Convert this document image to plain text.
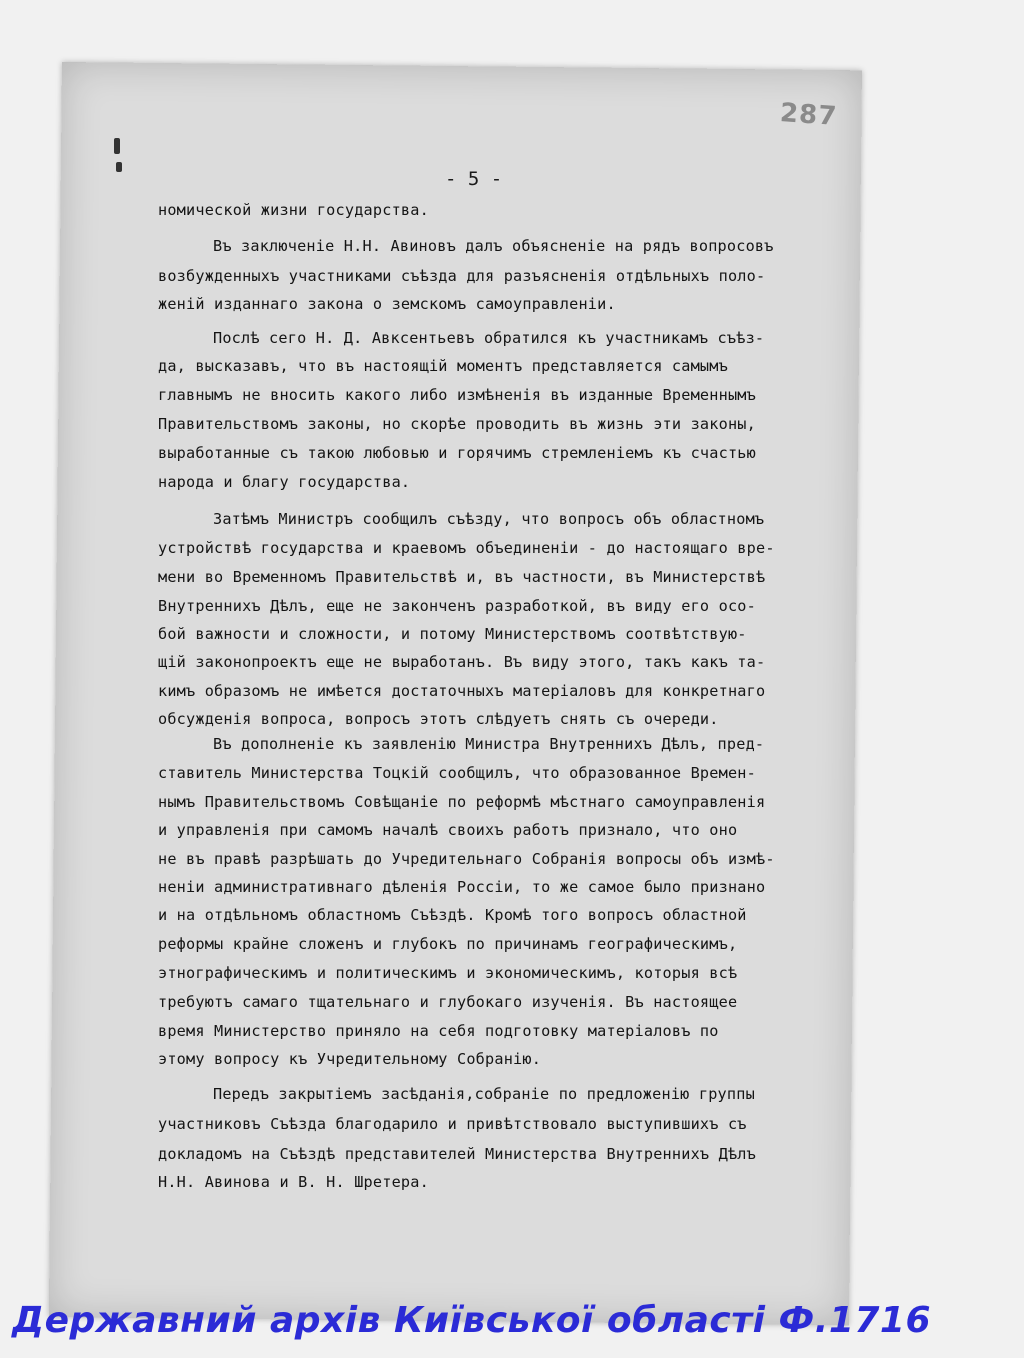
287
- 5 -
номической жизни государства.
Въ заключеніе Н.Н. Авиновъ далъ объясненіе на рядъ вопросовъ
возбужденныхъ участниками съѣзда для разъясненія отдѣльныхъ поло-
женій изданнаго закона о земскомъ самоуправленіи.
Послѣ сего Н. Д. Авксентьевъ обратился къ участникамъ съѣз-
да, высказавъ, что въ настоящій моментъ представляется самымъ
главнымъ не вносить какого либо измѣненія въ изданные Временнымъ
Правительствомъ законы, но скорѣе проводить въ жизнь эти законы,
выработанные съ такою любовью и горячимъ стремленіемъ къ счастью
народа и благу государства.
Затѣмъ Министръ сообщилъ съѣзду, что вопросъ объ областномъ
устройствѣ государства и краевомъ объединеніи - до настоящаго вре-
мени во Временномъ Правительствѣ и, въ частности, въ Министерствѣ
Внутреннихъ Дѣлъ, еще не законченъ разработкой, въ виду его осо-
бой важности и сложности, и потому Министерствомъ соотвѣтствую-
щій законопроектъ еще не выработанъ. Въ виду этого, такъ какъ та-
кимъ образомъ не имѣется достаточныхъ матеріаловъ для конкретнаго
обсужденія вопроса, вопросъ этотъ слѣдуетъ снять съ очереди.
Въ дополненіе къ заявленію Министра Внутреннихъ Дѣлъ, пред-
ставитель Министерства Тоцкій сообщилъ, что образованное Времен-
нымъ Правительствомъ Совѣщаніе по реформѣ мѣстнаго самоуправленія
и управленія при самомъ началѣ своихъ работъ признало, что оно
не въ правѣ разрѣшать до Учредительнаго Собранія вопросы объ измѣ-
неніи административнаго дѣленія Россіи, то же самое было признано
и на отдѣльномъ областномъ Съѣздѣ. Кромѣ того вопросъ областной
реформы крайне сложенъ и глубокъ по причинамъ географическимъ,
этнографическимъ и политическимъ и экономическимъ, которыя всѣ
требуютъ самаго тщательнаго и глубокаго изученія. Въ настоящее
время Министерство приняло на себя подготовку матеріаловъ по
этому вопросу къ Учредительному Собранію.
Передъ закрытіемъ засѣданія,собраніе по предложенію группы
участниковъ Съѣзда благодарило и привѣтствовало выступившихъ съ
докладомъ на Съѣздѣ представителей Министерства Внутреннихъ Дѣлъ
Н.Н. Авинова и В. Н. Шретера.
Державний архів Київської області Ф.1716
